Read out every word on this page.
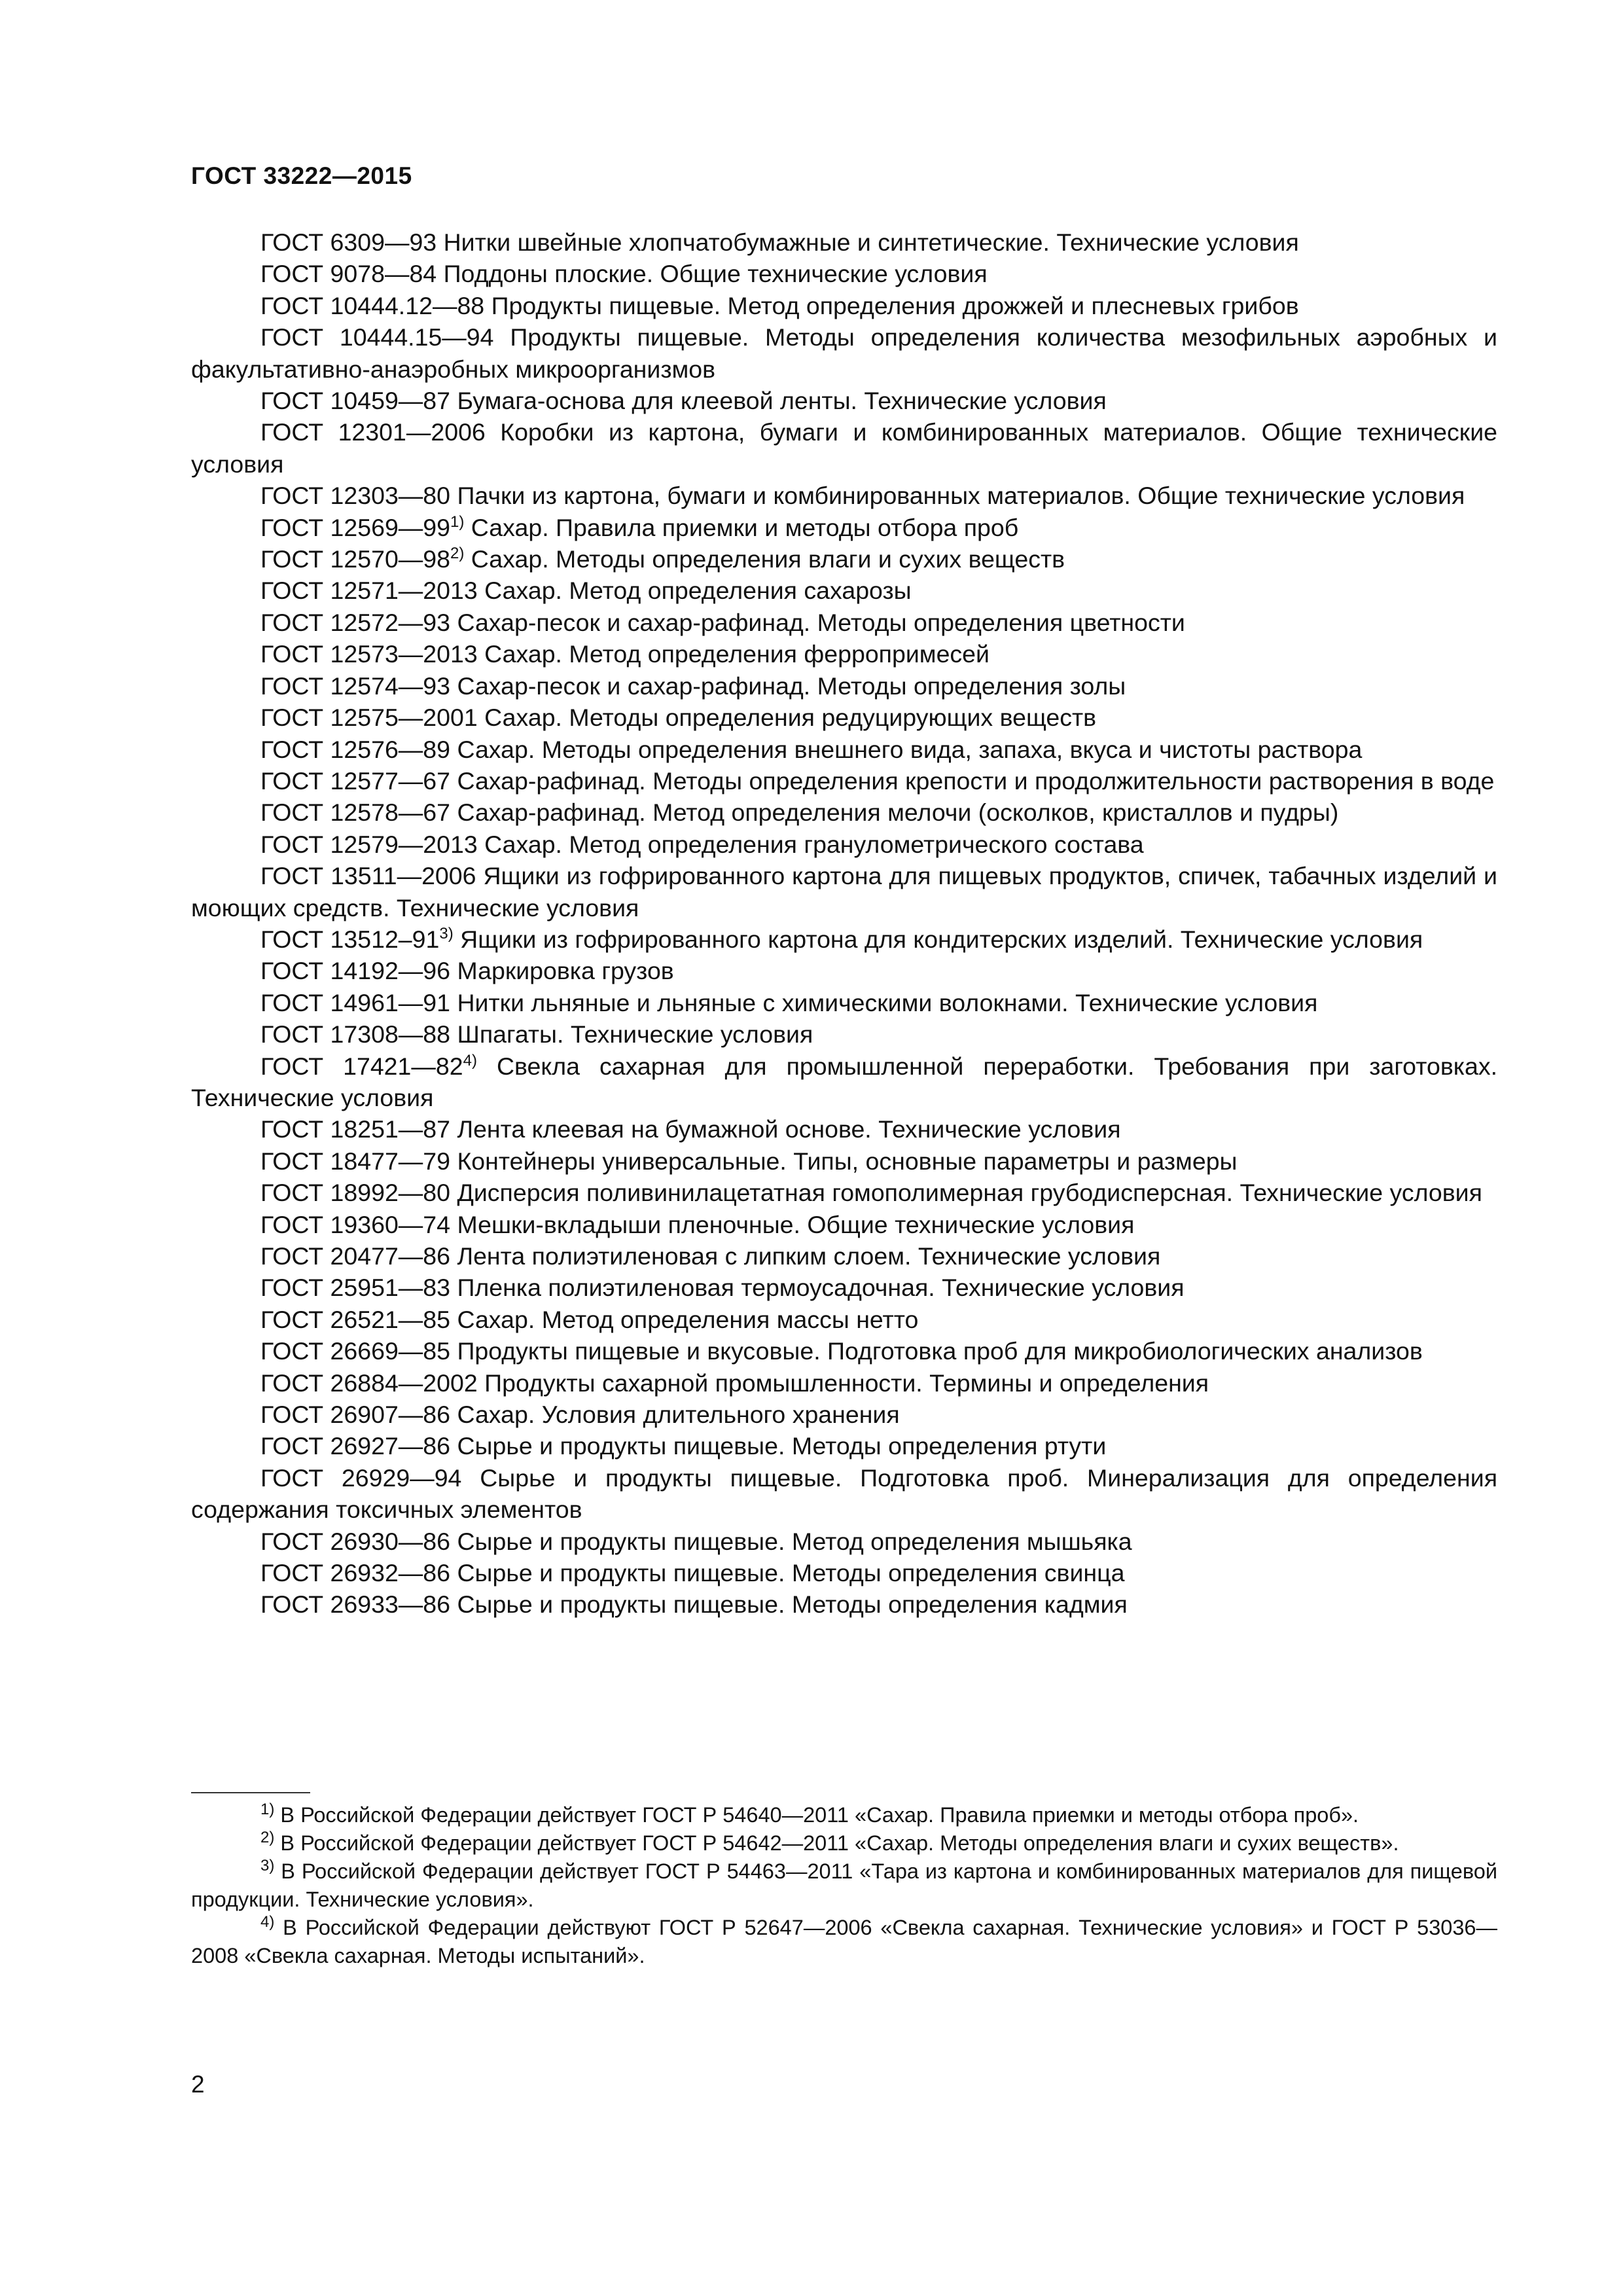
ГОСТ 33222—2015
ГОСТ 6309—93 Нитки швейные хлопчатобумажные и синтетические. Технические условия
ГОСТ 9078—84 Поддоны плоские. Общие технические условия
ГОСТ 10444.12—88 Продукты пищевые. Метод определения дрожжей и плесневых грибов
ГОСТ 10444.15—94 Продукты пищевые. Методы определения количества мезофильных аэробных и факультативно-анаэробных микроорганизмов
ГОСТ 10459—87 Бумага-основа для клеевой ленты. Технические условия
ГОСТ 12301—2006 Коробки из картона, бумаги и комбинированных материалов. Общие технические условия
ГОСТ 12303—80 Пачки из картона, бумаги и комбинированных материалов. Общие технические условия
ГОСТ 12569—99$^{1)}$ Сахар. Правила приемки и методы отбора проб
ГОСТ 12570—98$^{2)}$ Сахар. Методы определения влаги и сухих веществ
ГОСТ 12571—2013 Сахар. Метод определения сахарозы
ГОСТ 12572—93 Сахар-песок и сахар-рафинад. Методы определения цветности
ГОСТ 12573—2013 Сахар. Метод определения ферропримесей
ГОСТ 12574—93 Сахар-песок и сахар-рафинад. Методы определения золы
ГОСТ 12575—2001 Сахар. Методы определения редуцирующих веществ
ГОСТ 12576—89 Сахар. Методы определения внешнего вида, запаха, вкуса и чистоты раствора
ГОСТ 12577—67 Сахар-рафинад. Методы определения крепости и продолжительности растворения в воде
ГОСТ 12578—67 Сахар-рафинад. Метод определения мелочи (осколков, кристаллов и пудры)
ГОСТ 12579—2013 Сахар. Метод определения гранулометрического состава
ГОСТ 13511—2006 Ящики из гофрированного картона для пищевых продуктов, спичек, табачных изделий и моющих средств. Технические условия
ГОСТ 13512–91$^{3)}$ Ящики из гофрированного картона для кондитерских изделий. Технические условия
ГОСТ 14192—96 Маркировка грузов
ГОСТ 14961—91 Нитки льняные и льняные с химическими волокнами. Технические условия
ГОСТ 17308—88 Шпагаты. Технические условия
ГОСТ 17421—82$^{4)}$ Свекла сахарная для промышленной переработки. Требования при заготовках. Технические условия
ГОСТ 18251—87 Лента клеевая на бумажной основе. Технические условия
ГОСТ 18477—79 Контейнеры универсальные. Типы, основные параметры и размеры
ГОСТ 18992—80 Дисперсия поливинилацетатная гомополимерная грубодисперсная. Технические условия
ГОСТ 19360—74 Мешки-вкладыши пленочные. Общие технические условия
ГОСТ 20477—86 Лента полиэтиленовая с липким слоем. Технические условия
ГОСТ 25951—83 Пленка полиэтиленовая термоусадочная. Технические условия
ГОСТ 26521—85 Сахар. Метод определения массы нетто
ГОСТ 26669—85 Продукты пищевые и вкусовые. Подготовка проб для микробиологических анализов
ГОСТ 26884—2002 Продукты сахарной промышленности. Термины и определения
ГОСТ 26907—86 Сахар. Условия длительного хранения
ГОСТ 26927—86 Сырье и продукты пищевые. Методы определения ртути
ГОСТ 26929—94 Сырье и продукты пищевые. Подготовка проб. Минерализация для определения содержания токсичных элементов
ГОСТ 26930—86 Сырье и продукты пищевые. Метод определения мышьяка
ГОСТ 26932—86 Сырье и продукты пищевые. Методы определения свинца
ГОСТ 26933—86 Сырье и продукты пищевые. Методы определения кадмия
$^{1)}$ В Российской Федерации действует ГОСТ Р 54640—2011 «Сахар. Правила приемки и методы отбора проб».
$^{2)}$ В Российской Федерации действует ГОСТ Р 54642—2011 «Сахар. Методы определения влаги и сухих веществ».
$^{3)}$ В Российской Федерации действует ГОСТ Р 54463—2011 «Тара из картона и комбинированных материалов для пищевой продукции. Технические условия».
$^{4)}$ В Российской Федерации действуют ГОСТ Р 52647—2006 «Свекла сахарная. Технические условия» и ГОСТ Р 53036—2008 «Свекла сахарная. Методы испытаний».
2
